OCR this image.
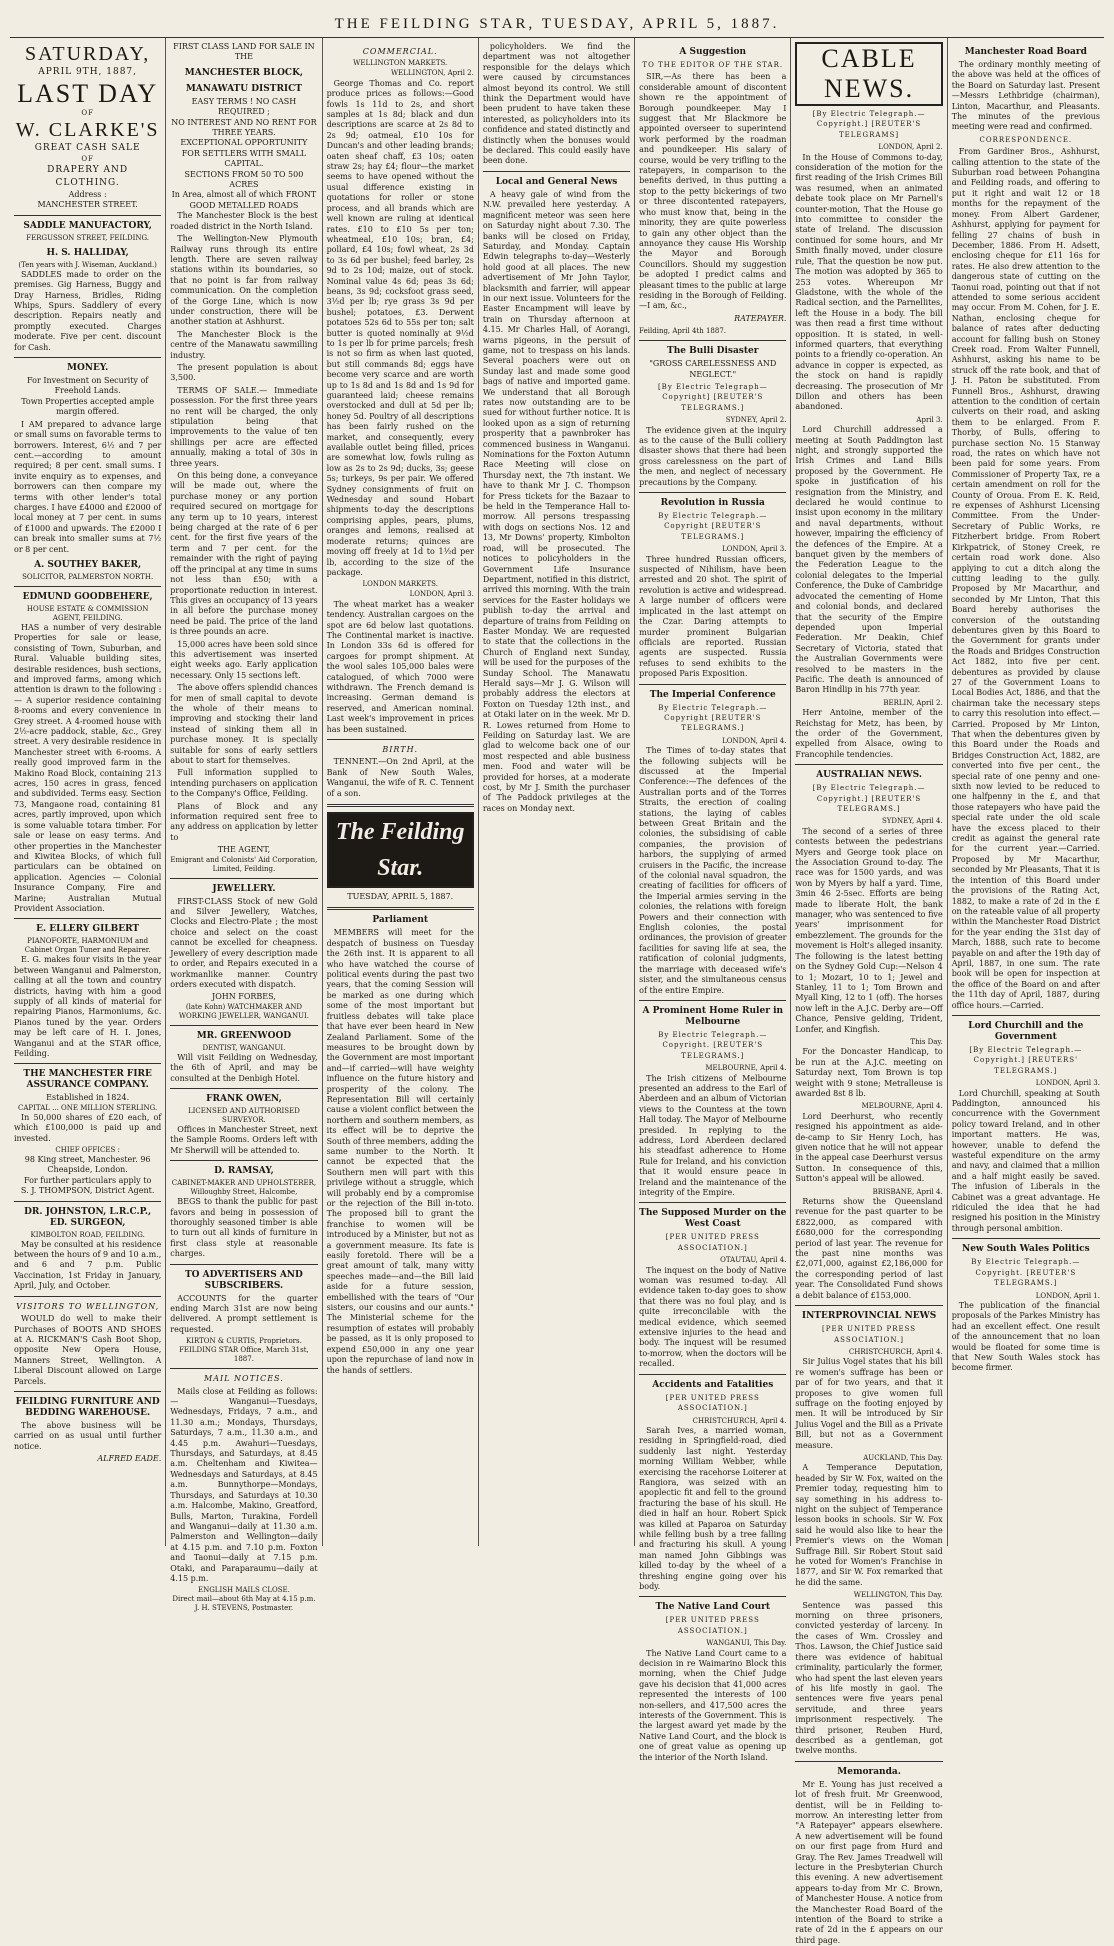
THE FEILDING STAR, TUESDAY, APRIL 5, 1887.
SATURDAY,
APRIL 9TH, 1887,
LAST DAY
OF
W. CLARKE'S
GREAT CASH SALE
OF
DRAPERY AND CLOTHING.
Address :
MANCHESTER STREET.
SADDLE MANUFACTORY,
FERGUSSON STREET, FEILDING.
H. S. HALLIDAY,
(Ten years with J. Wiseman, Auckland.)

SADDLES made to order on the premises. Gig Harness, Buggy and Dray Harness, Bridles, Riding Whips, Spurs. Saddlery of every description. Repairs neatly and promptly executed. Charges moderate. Five per cent. discount for Cash.

MONEY.
For Investment on Security of Freehold Lands.

Town Properties accepted ample margin offered.

I AM prepared to advance large or small sums on favorable terms to borrowers. Interest, 6½ and 7 per cent.—according to amount required; 8 per cent. small sums. I invite enquiry as to expenses, and borrowers can then compare my terms with other lender's total charges. I have £4000 and £2000 of local money at 7 per cent. in sums of £1000 and upwards. The £2000 I can break into smaller sums at 7½ or 8 per cent.

A. SOUTHEY BAKER,
SOLICITOR, PALMERSTON NORTH.
EDMUND GOODBEHERE,
HOUSE ESTATE & COMMISSION AGENT, FEILDING.

HAS a number of very desirable Properties for sale or lease, consisting of Town, Suburban, and Rural. Valuable building sites, desirable residences, bush sections, and improved farms, among which attention is drawn to the following :— A superior residence containing 8-rooms and every convenience in Grey street. A 4-roomed house with 2½-acre paddock, stable, &c., Grey street. A very desirable residence in Manchester street with 6-rooms. A really good improved farm in the Makino Road Block, containing 213 acres, 150 acres in grass, fenced and subdivided. Terms easy. Section 73, Mangaone road, containing 81 acres, partly improved, upon which is some valuable totara timber. For sale or lease on easy terms. And other properties in the Manchester and Kiwitea Blocks, of which full particulars can be obtained on application. Agencies — Colonial Insurance Company, Fire and Marine; Australian Mutual Provident Association.

E. ELLERY GILBERT
PIANOFORTE, HARMONIUM and Cabinet Organ Tuner and Repairer.

E. G. makes four visits in the year between Wanganui and Palmerston, calling at all the town and country districts, having with him a good supply of all kinds of material for repairing Pianos, Harmoniums, &c. Pianos tuned by the year. Orders may be left care of H. I. Jones, Wanganui and at the STAR office, Feilding.

THE MANCHESTER FIRE ASSURANCE COMPANY.
Established in 1824.
CAPITAL ... ONE MILLION STERLING.

In 50,000 shares of £20 each, of which £100,000 is paid up and invested.

CHIEF OFFICES :
98 King street, Manchester. 96 Cheapside, London.
For further particulars apply to
S. J. THOMPSON, District Agent.
DR. JOHNSTON, L.R.C.P., ED. SURGEON,
KIMBOLTON ROAD, FEILDING.

May be consulted at his residence between the hours of 9 and 10 a.m., and 6 and 7 p.m. Public Vaccination, 1st Friday in January, April, July, and October.

VISITORS TO WELLINGTON,

WOULD do well to make their Purchases of BOOTS AND SHOES at A. RICKMAN'S Cash Boot Shop, opposite New Opera House, Manners Street, Wellington. A Liberal Discount allowed on Large Parcels.

FEILDING FURNITURE AND BEDDING WAREHOUSE.

The above business will be carried on as usual until further notice.

ALFRED EADE.
FIRST CLASS LAND FOR SALE IN THE
MANCHESTER BLOCK,
MANAWATU DISTRICT
EASY TERMS ! NO CASH REQUIRED ;
NO INTEREST AND NO RENT FOR THREE YEARS.
EXCEPTIONAL OPPORTUNITY FOR SETTLERS WITH SMALL CAPITAL.
SECTIONS FROM 50 TO 500 ACRES
In Area, almost all of which FRONT GOOD METALLED ROADS

The Manchester Block is the best roaded district in the North Island.

The Wellington-New Plymouth Railway runs through its entire length. There are seven railway stations within its boundaries, so that no point is far from railway communication. On the completion of the Gorge Line, which is now under construction, there will be another station at Ashhurst.

The Manchester Block is the centre of the Manawatu sawmilling industry.

The present population is about 3,500.

TERMS OF SALE.— Immediate possession. For the first three years no rent will be charged, the only stipulation being that improvements to the value of ten shillings per acre are effected annually, making a total of 30s in three years.

On this being done, a conveyance will be made out, where the purchase money or any portion required secured on mortgage for any term up to 10 years, interest being charged at the rate of 6 per cent. for the first five years of the term and 7 per cent. for the remainder with the right of paying off the principal at any time in sums not less than £50; with a proportionate reduction in interest. This gives an occupancy of 13 years in all before the purchase money need be paid. The price of the land is three pounds an acre.

15,000 acres have been sold since this advertisement was inserted eight weeks ago. Early application necessary. Only 15 sections left.

The above offers splendid chances for men of small capital to devote the whole of their means to improving and stocking their land instead of sinking them all in purchase money. It is specially suitable for sons of early settlers about to start for themselves.

Full information supplied to intending purchasers on application to the Company's Office, Feilding.

Plans of Block and any information required sent free to any address on application by letter to

THE AGENT,
Emigrant and Colonists' Aid Corporation, Limited, Feilding.
JEWELLERY.

FIRST-CLASS Stock of new Gold and Silver Jewellery, Watches, Clocks and Electro-Plate ; the most choice and select on the coast cannot be excelled for cheapness. Jewellery of every description made to order, and Repairs executed in a workmanlike manner. Country orders executed with dispatch.

JOHN FORBES,
(late Kohn) WATCHMAKER AND WORKING JEWELLER, WANGANUI.
MR. GREENWOOD
DENTIST, WANGANUI.

Will visit Feilding on Wednesday, the 6th of April, and may be consulted at the Denbigh Hotel.

FRANK OWEN,
LICENSED AND AUTHORISED SURVEYOR.

Offices in Manchester Street, next the Sample Rooms. Orders left with Mr Sherwill will be attended to.

D. RAMSAY,
CABINET-MAKER AND UPHOLSTERER,
Willoughby Street, Halcombe,

BEGS to thank the public for past favors and being in possession of thoroughly seasoned timber is able to turn out all kinds of furniture in first class style at reasonable charges.

TO ADVERTISERS AND SUBSCRIBERS.

ACCOUNTS for the quarter ending March 31st are now being delivered. A prompt settlement is requested.

KIRTON & CURTIS, Proprietors.
FEILDING STAR Office, March 31st, 1887.
MAIL NOTICES.

Mails close at Feilding as follows:— Wanganui—Tuesdays, Wednesdays, Fridays, 7 a.m., and 11.30 a.m.; Mondays, Thursdays, Saturdays, 7 a.m., 11.30 a.m., and 4.45 p.m. Awahuri—Tuesdays, Thursdays, and Saturdays, at 8.45 a.m. Cheltenham and Kiwitea—Wednesdays and Saturdays, at 8.45 a.m. Bunnythorpe—Mondays, Thursdays, and Saturdays at 10.30 a.m. Halcombe, Makino, Greatford, Bulls, Marton, Turakina, Fordell and Wanganui—daily at 11.30 a.m. Palmerston and Wellington—daily at 4.15 p.m. and 7.10 p.m. Foxton and Taonui—daily at 7.15 p.m. Otaki, and Paraparaumu—daily at 4.15 p.m.

ENGLISH MAILS CLOSE.
Direct mail—about 6th May at 4.15 p.m.
J. H. STEVENS, Postmaster.
COMMERCIAL.
WELLINGTON MARKETS.
WELLINGTON, April 2.

George Thomas and Co. report produce prices as follows:—Good fowls 1s 11d to 2s, and short samples at 1s 8d; black and dun descriptions are scarce at 2s 8d to 2s 9d; oatmeal, £10 10s for Duncan's and other leading brands; oaten sheaf chaff, £3 10s; oaten straw 2s; hay £4; flour—the market seems to have opened without the usual difference existing in quotations for roller or stone process, and all brands which are well known are ruling at identical rates. £10 to £10 5s per ton; wheatmeal, £10 10s; bran, £4; pollard, £4 10s; fowl wheat, 2s 3d to 3s 6d per bushel; feed barley, 2s 9d to 2s 10d; maize, out of stock. Nominal value 4s 6d; peas 3s 6d; beans, 3s 9d; cocksfoot grass seed, 3½d per lb; rye grass 3s 9d per bushel; potatoes, £3. Derwent potatoes 52s 6d to 55s per ton; salt butter is quoted nominally at 9½d to 1s per lb for prime parcels; fresh is not so firm as when last quoted, but still commands 8d; eggs have become very scarce and are worth up to 1s 8d and 1s 8d and 1s 9d for guaranteed laid; cheese remains overstocked and dull at 5d per lb; honey 5d. Poultry of all descriptions has been fairly rushed on the market, and consequently, every available outlet being filled, prices are somewhat low, fowls ruling as low as 2s to 2s 9d; ducks, 3s; geese 5s; turkeys, 9s per pair. We offered Sydney consignments of fruit on Wednesday and sound Hobart shipments to-day the descriptions comprising apples, pears, plums, oranges and lemons, realised at moderate returns; quinces are moving off freely at 1d to 1½d per lb, according to the size of the package.

LONDON MARKETS.
LONDON, April 3.

The wheat market has a weaker tendency. Australian cargoes on the spot are 6d below last quotations. The Continental market is inactive. In London 33s 6d is offered for cargoes for prompt shipment. At the wool sales 105,000 bales were catalogued, of which 7000 were withdrawn. The French demand is increasing. German demand is reserved, and American nominal. Last week's improvement in prices has been sustained.

BIRTH.

TENNENT.—On 2nd April, at the Bank of New South Wales, Wanganui, the wife of R. C. Tennent of a son.

The Feilding Star.
TUESDAY, APRIL 5, 1887.
Parliament

MEMBERS will meet for the despatch of business on Tuesday the 26th inst. It is apparent to all who have watched the course of political events during the past two years, that the coming Session will be marked as one during which some of the most important but fruitless debates will take place that have ever been heard in New Zealand Parliament. Some of the measures to be brought down by the Government are most important and—if carried—will have weighty influence on the future history and prosperity of the colony. The Representation Bill will certainly cause a violent conflict between the northern and southern members, as its effect will be to deprive the South of three members, adding the same number to the North. It cannot be expected that the Southern men will part with this privilege without a struggle, which will probably end by a compromise or the rejection of the Bill in-toto. The proposed bill to grant the franchise to women will be introduced by a Minister, but not as a government measure. Its fate is easily foretold. There will be a great amount of talk, many witty speeches made—and—the Bill laid aside for a future session, embellished with the tears of "Our sisters, our cousins and our aunts." The Ministerial scheme for the resumption of estates will probably be passed, as it is only proposed to expend £50,000 in any one year upon the repurchase of land now in the hands of settlers.

policyholders. We find the department was not altogether responsible for the delays which were caused by circumstances almost beyond its control. We still think the Department would have been prudent to have taken these interested, as policyholders into its confidence and stated distinctly and distinctly when the bonuses would be declared. This could easily have been done.

Local and General News

A heavy gale of wind from the N.W. prevailed here yesterday. A magnificent meteor was seen here on Saturday night about 7.30. The banks will be closed on Friday, Saturday, and Monday. Captain Edwin telegraphs to-day—Westerly hold good at all places. The new advertisement of Mr John Taylor, blacksmith and farrier, will appear in our next issue. Volunteers for the Easter Encampment will leave by train on Thursday afternoon at 4.15. Mr Charles Hall, of Aorangi, warns pigeons, in the persuit of game, not to trespass on his lands. Several poachers were out on Sunday last and made some good bags of native and imported game. We understand that all Borough rates now outstanding are to be sued for without further notice. It is looked upon as a sign of returning prosperity that a pawnbroker has commenced business in Wanganui. Nominations for the Foxton Autumn Race Meeting will close on Thursday next, the 7th instant. We have to thank Mr J. C. Thompson for Press tickets for the Bazaar to be held in the Temperance Hall to-morrow. All persons trespassing with dogs on sections Nos. 12 and 13, Mr Downs' property, Kimbolton road, will be prosecuted. The notices to policyholders in the Government Life Insurance Department, notified in this district, arrived this morning. With the train services for the Easter holidays we publish to-day the arrival and departure of trains from Feilding on Easter Monday. We are requested to state that the collections in the Church of England next Sunday, will be used for the purposes of the Sunday School. The Manawatu Herald says—Mr J. G. Wilson will probably address the electors at Foxton on Tuesday 12th inst., and at Otaki later on in the week. Mr D. R. Lowes returned from Home to Feilding on Saturday last. We are glad to welcome back one of our most respected and able business men. Food and water will be provided for horses, at a moderate cost, by Mr J. Smith the purchaser of The Paddock privileges at the races on Monday next.

A Suggestion
TO THE EDITOR OF THE STAR.

SIR,—As there has been a considerable amount of discontent shown re the appointment of Borough poundkeeper. May I suggest that Mr Blackmore be appointed overseer to superintend work performed by the roadman and poundkeeper. His salary of course, would be very trifling to the ratepayers, in comparison to the benefits derived, in thus putting a stop to the petty bickerings of two or three discontented ratepayers, who must know that, being in the minority, they are quite powerless to gain any other object than the annoyance they cause His Worship the Mayor and Borough Councillors. Should my suggestion be adopted I predict calms and pleasant times to the public at large residing in the Borough of Feilding.—I am, &c.,

RATEPAYER.

Feilding, April 4th 1887.

The Bulli Disaster
"GROSS CARELESSNESS AND NEGLECT."
[By Electric Telegraph—Copyright] [REUTER'S TELEGRAMS.]
SYDNEY, April 2.

The evidence given at the inquiry as to the cause of the Bulli colliery disaster shows that there had been gross carelessness on the part of the men, and neglect of necessary precautions by the Company.

Revolution in Russia
By Electric Telegraph.—Copyright [REUTER'S TELEGRAMS.]
LONDON, April 3.

Three hundred Russian officers, suspected of Nihilism, have been arrested and 20 shot. The spirit of revolution is active and widespread. A large number of officers were implicated in the last attempt on the Czar. Daring attempts to murder prominent Bulgarian officials are reported. Russian agents are suspected. Russia refuses to send exhibits to the proposed Paris Exposition.

The Imperial Conference
By Electric Telegraph.—Copyright [REUTER'S TELEGRAMS.]
LONDON, April 4.

The Times of to-day states that the following subjects will be discussed at the Imperial Conference:—The defences of the Australian ports and of the Torres Straits, the erection of coaling stations, the laying of cables between Great Britain and the colonies, the subsidising of cable companies, the provision of harbors, the supplying of armed cruisers in the Pacific, the increase of the colonial naval squadron, the creating of facilities for officers of the Imperial armies serving in the colonies, the relations with foreign Powers and their connection with English colonies, the postal ordinances, the provision of greater facilities for saving life at sea, the ratification of colonial judgments, the marriage with deceased wife's sister, and the simultaneous census of the entire Empire.

A Prominent Home Ruler in Melbourne
By Electric Telegraph.—Copyright. [REUTER'S TELEGRAMS.]
MELBOURNE, April 4.

The Irish citizens of Melbourne presented an address to the Earl of Aberdeen and an album of Victorian views to the Countess at the town Hall today. The Mayor of Melbourne presided. In replying to the address, Lord Aberdeen declared his steadfast adherence to Home Rule for Ireland, and his conviction that it would ensure peace in Ireland and the maintenance of the integrity of the Empire.

The Supposed Murder on the West Coast
[PER UNITED PRESS ASSOCIATION.]
OTAUTAU, April 4.

The inquest on the body of Native woman was resumed to-day. All evidence taken to-day goes to show that there was no foul play, and is quite irreconcilable with the medical evidence, which seemed extensive injuries to the head and body. The inquest will be resumed to-morrow, when the doctors will be recalled.

Accidents and Fatalities
[PER UNITED PRESS ASSOCIATION.]
CHRISTCHURCH, April 4.

Sarah Ives, a married woman, residing in Springfield-road, died suddenly last night. Yesterday morning William Webber, while exercising the racehorse Loiterer at Rangiora, was seized with an apoplectic fit and fell to the ground fracturing the base of his skull. He died in half an hour. Robert Spick was killed at Paparoa on Saturday while felling bush by a tree falling and fracturing his skull. A young man named John Gibbings was killed to-day by the wheel of a threshing engine going over his body.

The Native Land Court
[PER UNITED PRESS ASSOCIATION.]
WANGANUI, This Day.

The Native Land Court came to a decision in re Waimarino Block this morning, when the Chief Judge gave his decision that 41,000 acres represented the interests of 100 non-sellers, and 417,500 acres the interests of the Government. This is the largest award yet made by the Native Land Court, and the block is one of great value as opening up the interior of the North Island.

CABLE NEWS.
[By Electric Telegraph.—Copyright.] [REUTER'S TELEGRAMS]
LONDON, April 2.

In the House of Commons to-day, consideration of the motion for the first reading of the Irish Crimes Bill was resumed, when an animated debate took place on Mr Parnell's counter-motion, That the House go into committee to consider the state of Ireland. The discussion continued for some hours, and Mr Smith finally moved, under closure rule, That the question be now put. The motion was adopted by 365 to 253 votes. Whereupon Mr Gladstone, with the whole of the Radical section, and the Parnellites, left the House in a body. The bill was then read a first time without opposition. It is stated, in well-informed quarters, that everything points to a friendly co-operation. An advance in copper is expected, as the stock on hand is rapidly decreasing. The prosecution of Mr Dillon and others has been abandoned.

April 3.

Lord Churchill addressed a meeting at South Paddington last night, and strongly supported the Irish Crimes and Land Bills proposed by the Government. He spoke in justification of his resignation from the Ministry, and declared he would continue to insist upon economy in the military and naval departments, without however, impairing the efficiency of the defences of the Empire. At a banquet given by the members of the Federation League to the colonial delegates to the Imperial Conference, the Duke of Cambridge advocated the cementing of Home and colonial bonds, and declared that the security of the Empire depended upon Imperial Federation. Mr Deakin, Chief Secretary of Victoria, stated that the Australian Governments were resolved to be masters in the Pacific. The death is announced of Baron Hindlip in his 77th year.

BERLIN, April 2.

Herr Antoine, member of the Reichstag for Metz, has been, by the order of the Government, expelled from Alsace, owing to Francophile tendencies.

AUSTRALIAN NEWS.
[By Electric Telegraph.—Copyright.] [REUTER'S TELEGRAMS.]
SYDNEY, April 4.

The second of a series of three contests between the pedestrians Myers and George took place on the Association Ground to-day. The race was for 1500 yards, and was won by Myers by half a yard. Time, 3min 46 2-5sec. Efforts are being made to liberate Holt, the bank manager, who was sentenced to five years' imprisonment for embezzlement. The grounds for the movement is Holt's alleged insanity. The following is the latest betting on the Sydney Gold Cup:—Nelson 4 to 1; Mozart, 10 to 1; Jewel and Stanley, 11 to 1; Tom Brown and Myall King, 12 to 1 (off). The horses now left in the A.J.C. Derby are—Off Chance, Pensive gelding, Trident, Lonfer, and Kingfish.

This Day.

For the Doncaster Handicap, to be run at the A.J.C. meeting on Saturday next, Tom Brown is top weight with 9 stone; Metralleuse is awarded 8st 8 lb.

MELBOURNE, April 4.

Lord Deerhurst, who recently resigned his appointment as aide-de-camp to Sir Henry Loch, has given notice that he will not appear in the appeal case Deerhurst versus Sutton. In consequence of this, Sutton's appeal will be allowed.

BRISBANE, April 4.

Returns show the Queensland revenue for the past quarter to be £822,000, as compared with £680,000 for the corresponding period of last year. The revenue for the past nine months was £2,071,000, against £2,186,000 for the corresponding period of last year. The Consolidated Fund shows a debit balance of £153,000.

INTERPROVINCIAL NEWS
[PER UNITED PRESS ASSOCIATION.]
CHRISTCHURCH, April 4.

Sir Julius Vogel states that his bill re women's suffrage has been or par of for two years, and that it proposes to give women full suffrage on the footing enjoyed by men. It will be introduced by Sir Julius Vogel and the Bill as a Private Bill, but not as a Government measure.

AUCKLAND, This Day.

A Temperance Deputation, headed by Sir W. Fox, waited on the Premier today, requesting him to say something in his address to-night on the subject of Temperance lesson books in schools. Sir W. Fox said he would also like to hear the Premier's views on the Woman Suffrage Bill. Sir Robert Stout said he voted for Women's Franchise in 1877, and Sir W. Fox remarked that he did the same.

WELLINGTON, This Day.

Sentence was passed this morning on three prisoners, convicted yesterday of larceny. In the cases of Wm. Crossley and Thos. Lawson, the Chief Justice said there was evidence of habitual criminality, particularly the former, who had spent the last eleven years of his life mostly in gaol. The sentences were five years penal servitude, and three years imprisonment respectively. The third prisoner, Reuben Hurd, described as a gentleman, got twelve months.

Memoranda.

Mr E. Young has just received a lot of fresh fruit. Mr Greenwood, dentist, will be in Feilding to-morrow. An interesting letter from "A Ratepayer" appears elsewhere. A new advertisement will be found on our first page from Hurd and Gray. The Rev. James Treadwell will lecture in the Presbyterian Church this evening. A new advertisement appears to-day from Mr C. Brown, of Manchester House. A notice from the Manchester Road Board of the intention of the Board to strike a rate of 2d in the £ appears on our third page.

Manchester Road Board

The ordinary monthly meeting of the above was held at the offices of the Board on Saturday last. Present—Messrs Lethbridge (chairman), Linton, Macarthur, and Pleasants. The minutes of the previous meeting were read and confirmed.

CORRESPONDENCE.

From Gardiner Bros., Ashhurst, calling attention to the state of the Suburban road between Pohangina and Feilding roads, and offering to put it right and wait 12 or 18 months for the repayment of the money. From Albert Gardener, Ashhurst, applying for payment for felling 27 chains of bush in December, 1886. From H. Adsett, enclosing cheque for £11 16s for rates. He also drew attention to the dangerous state of cutting on the Taonui road, pointing out that if not attended to some serious accident may occur. From M. Cohen, for J. E. Nathan, enclosing cheque for balance of rates after deducting account for falling bush on Stoney Creek road. From Walter Funnell, Ashhurst, asking his name to be struck off the rate book, and that of J. H. Paton be substituted. From Funnell Bros., Ashhurst, drawing attention to the condition of certain culverts on their road, and asking them to be enlarged. From F. Thorby, of Bulls, offering to purchase section No. 15 Stanway road, the rates on which have not been paid for some years. From Commissioner of Property Tax, re a certain amendment on roll for the County of Oroua. From E. K. Reid, re expenses of Ashhurst Licensing Committee. From the Under-Secretary of Public Works, re Fitzherbert bridge. From Robert Kirkpatrick, of Stoney Creek, re certain road work done. Also applying to cut a ditch along the cutting leading to the gully. Proposed by Mr Macarthur, and seconded by Mr Linton, That this Board hereby authorises the conversion of the outstanding debentures given by this Board to the Government for grants under the Roads and Bridges Construction Act 1882, into five per cent. debentures as provided by clause 27 of the Government Loans to Local Bodies Act, 1886, and that the chairman take the necessary steps to carry this resolution into effect.—Carried. Proposed by Mr Linton, That when the debentures given by this Board under the Roads and Bridges Construction Act, 1882, are converted into five per cent., the special rate of one penny and one-sixth now levied to be reduced to one halfpenny in the £, and that those ratepayers who have paid the special rate under the old scale have the excess placed to their credit as against the general rate for the current year.—Carried. Proposed by Mr Macarthur, seconded by Mr Pleasants, That it is the intention of this Board under the provisions of the Rating Act, 1882, to make a rate of 2d in the £ on the rateable value of all property within the Manchester Road District for the year ending the 31st day of March, 1888, such rate to become payable on and after the 19th day of April, 1887, in one sum. The rate book will be open for inspection at the office of the Board on and after the 11th day of April, 1887, during office hours.—Carried.

Lord Churchill and the Government
[By Electric Telegraph.—Copyright.] [REUTERS' TELEGRAMS.]
LONDON, April 3.

Lord Churchill, speaking at South Paddington, announced his concurrence with the Government policy toward Ireland, and in other important matters. He was, however, unable to defend the wasteful expenditure on the army and navy, and claimed that a million and a half might easily be saved. The infusion of Liberals in the Cabinet was a great advantage. He ridiculed the idea that he had resigned his position in the Ministry through personal ambition.

New South Wales Politics
By Electric Telegraph.—Copyright. [REUTER'S TELEGRAMS.]
LONDON, April 1.

The publication of the financial proposals of the Parkes Ministry has had an excellent effect. One result of the announcement that no loan would be floated for some time is that New South Wales stock has become firmer.
